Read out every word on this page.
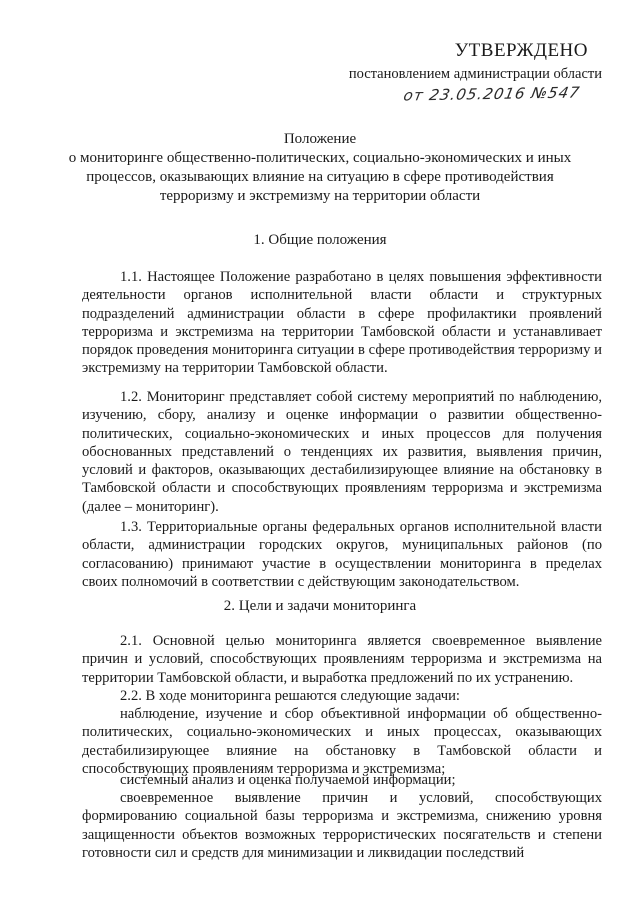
УТВЕРЖДЕНО
постановлением администрации области
от 23.05.2016 №547

Положение

о мониторинге общественно-политических, социально-экономических и иных процессов, оказывающих влияние на ситуацию в сфере противодействия терроризму и экстремизму на территории области

1. Общие положения
1.1. Настоящее Положение разработано в целях повышения эффективности деятельности органов исполнительной власти области и структурных подразделений администрации области в сфере профилактики проявлений терроризма и экстремизма на территории Тамбовской области и устанавливает порядок проведения мониторинга ситуации в сфере противодействия терроризму и экстремизму на территории Тамбовской области.
1.2. Мониторинг представляет собой систему мероприятий по наблюдению, изучению, сбору, анализу и оценке информации о развитии общественно-политических, социально-экономических и иных процессов для получения обоснованных представлений о тенденциях их развития, выявления причин, условий и факторов, оказывающих дестабилизирующее влияние на обстановку в Тамбовской области и способствующих проявлениям терроризма и экстремизма (далее – мониторинг).
1.3. Территориальные органы федеральных органов исполнительной власти области, администрации городских округов, муниципальных районов (по согласованию) принимают участие в осуществлении мониторинга в пределах своих полномочий в соответствии с действующим законодательством.
2. Цели и задачи мониторинга
2.1. Основной целью мониторинга является своевременное выявление причин и условий, способствующих проявлениям терроризма и экстремизма на территории Тамбовской области, и выработка предложений по их устранению.
2.2. В ходе мониторинга решаются следующие задачи:
наблюдение, изучение и сбор объективной информации об общественно-политических, социально-экономических и иных процессах, оказывающих дестабилизирующее влияние на обстановку в Тамбовской области и способствующих проявлениям терроризма и экстремизма;
системный анализ и оценка получаемой информации;
своевременное выявление причин и условий, способствующих формированию социальной базы терроризма и экстремизма, снижению уровня защищенности объектов возможных террористических посягательств и степени готовности сил и средств для минимизации и ликвидации последствий
